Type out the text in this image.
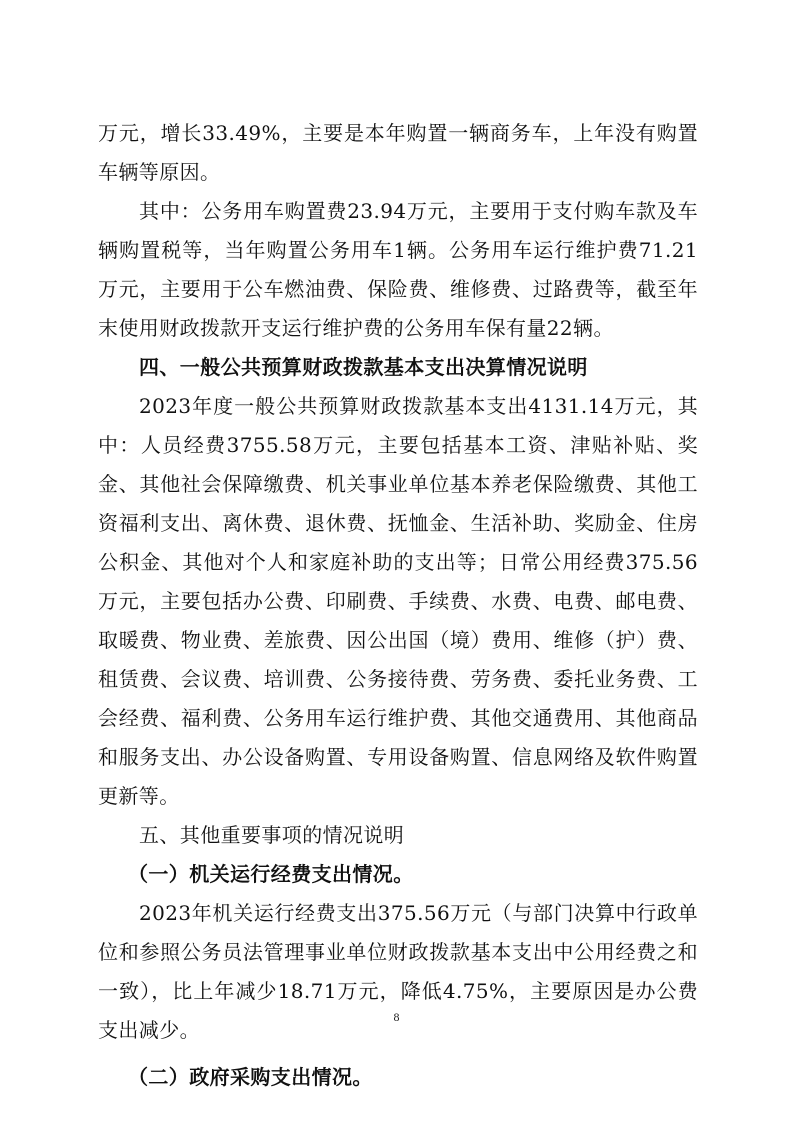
万元，增长33.49%，主要是本年购置一辆商务车，上年没有购置车辆等原因。

其中：公务用车购置费23.94万元，主要用于支付购车款及车辆购置税等，当年购置公务用车1辆。公务用车运行维护费71.21万元，主要用于公车燃油费、保险费、维修费、过路费等，截至年末使用财政拨款开支运行维护费的公务用车保有量22辆。

四、一般公共预算财政拨款基本支出决算情况说明

2023年度一般公共预算财政拨款基本支出4131.14万元，其中：人员经费3755.58万元，主要包括基本工资、津贴补贴、奖金、其他社会保障缴费、机关事业单位基本养老保险缴费、其他工资福利支出、离休费、退休费、抚恤金、生活补助、奖励金、住房公积金、其他对个人和家庭补助的支出等；日常公用经费375.56万元，主要包括办公费、印刷费、手续费、水费、电费、邮电费、取暖费、物业费、差旅费、因公出国（境）费用、维修（护）费、租赁费、会议费、培训费、公务接待费、劳务费、委托业务费、工会经费、福利费、公务用车运行维护费、其他交通费用、其他商品和服务支出、办公设备购置、专用设备购置、信息网络及软件购置更新等。

五、其他重要事项的情况说明

（一）机关运行经费支出情况。

2023年机关运行经费支出375.56万元（与部门决算中行政单位和参照公务员法管理事业单位财政拨款基本支出中公用经费之和一致），比上年减少18.71万元，降低4.75%，主要原因是办公费支出减少。

（二）政府采购支出情况。

8
